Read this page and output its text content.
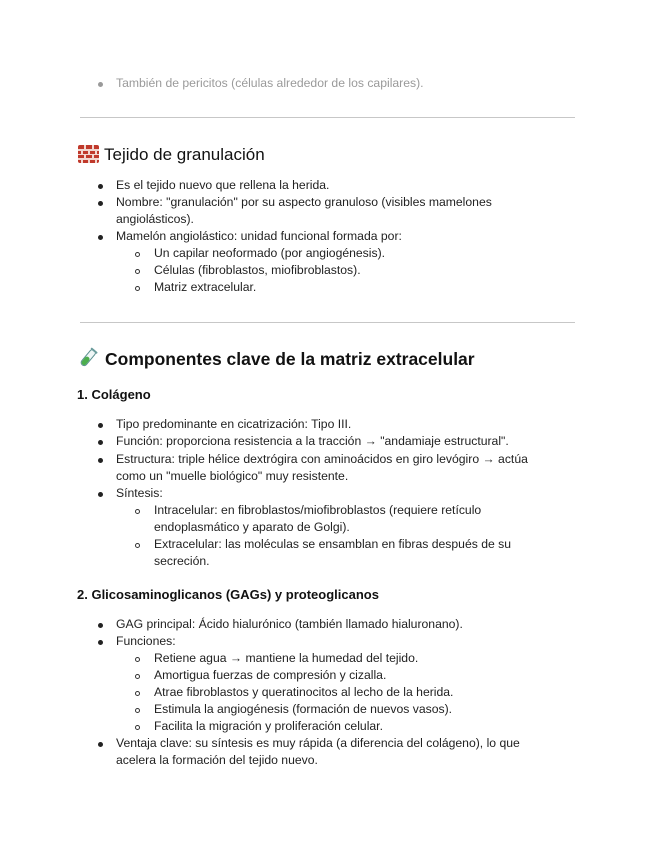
También de pericitos (células alrededor de los capilares).
Tejido de granulación
Es el tejido nuevo que rellena la herida.
Nombre: "granulación" por su aspecto granuloso (visibles mamelones
angiolásticos).
Mamelón angiolástico: unidad funcional formada por:
Un capilar neoformado (por angiogénesis).
Células (fibroblastos, miofibroblastos).
Matriz extracelular.
Componentes clave de la matriz extracelular
1. Colágeno
Tipo predominante en cicatrización: Tipo III.
Función: proporciona resistencia a la tracción → "andamiaje estructural".
Estructura: triple hélice dextrógira con aminoácidos en giro levógiro → actúa
como un "muelle biológico" muy resistente.
Síntesis:
Intracelular: en fibroblastos/miofibroblastos (requiere retículo
endoplasmático y aparato de Golgi).
Extracelular: las moléculas se ensamblan en fibras después de su
secreción.
2. Glicosaminoglicanos (GAGs) y proteoglicanos
GAG principal: Ácido hialurónico (también llamado hialuronano).
Funciones:
Retiene agua → mantiene la humedad del tejido.
Amortigua fuerzas de compresión y cizalla.
Atrae fibroblastos y queratinocitos al lecho de la herida.
Estimula la angiogénesis (formación de nuevos vasos).
Facilita la migración y proliferación celular.
Ventaja clave: su síntesis es muy rápida (a diferencia del colágeno), lo que
acelera la formación del tejido nuevo.
